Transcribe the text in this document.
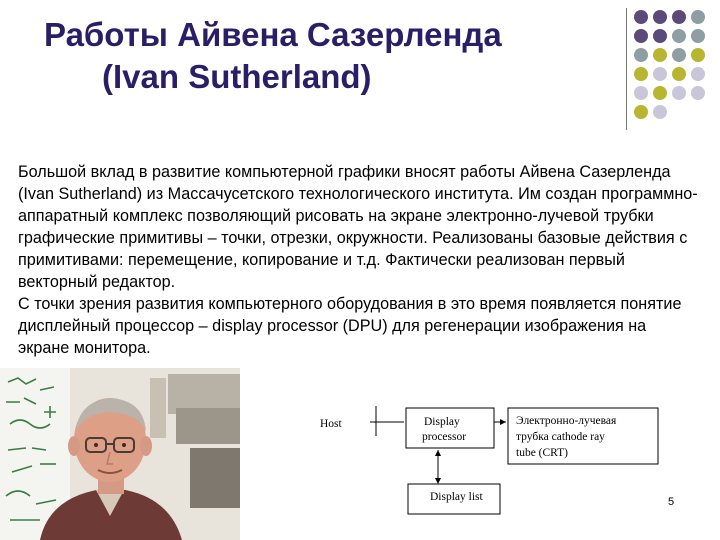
Работы Айвена Сазерленда
(Ivan Sutherland)

Большой вклад в развитие компьютерной графики вносят работы Айвена Сазерленда (Ivan Sutherland) из Массачусетского технологического института. Им создан программно-аппаратный комплекс позволяющий рисовать на экране электронно-лучевой трубки графические примитивы – точки, отрезки, окружности. Реализованы базовые действия с примитивами: перемещение, копирование и т.д. Фактически реализован первый векторный редактор.

С точки зрения развития компьютерного оборудования в это время появляется понятие дисплейный процессор – display processor (DPU) для регенерации изображения на экране монитора.

Host	Display
processor
Электронно-лучевая
трубка cathode ray
tube (CRT)
Display list	5
